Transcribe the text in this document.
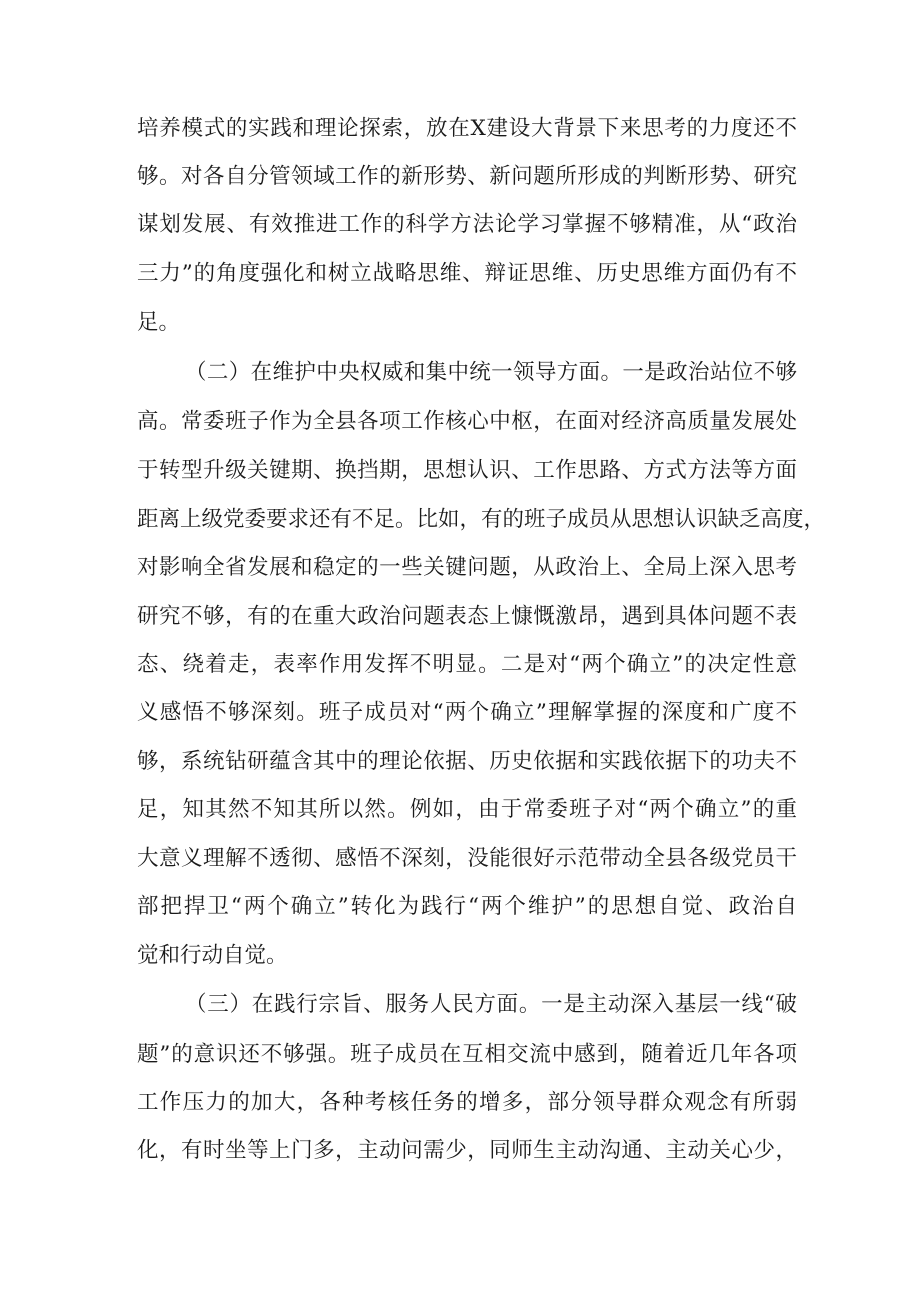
培养模式的实践和理论探索，放在X建设大背景下来思考的力度还不
够。对各自分管领域工作的新形势、新问题所形成的判断形势、研究
谋划发展、有效推进工作的科学方法论学习掌握不够精准，从“政治
三力”的角度强化和树立战略思维、辩证思维、历史思维方面仍有不
足。
（二）在维护中央权威和集中统一领导方面。一是政治站位不够
高。常委班子作为全县各项工作核心中枢，在面对经济高质量发展处
于转型升级关键期、换挡期，思想认识、工作思路、方式方法等方面
距离上级党委要求还有不足。比如，有的班子成员从思想认识缺乏高度，
对影响全省发展和稳定的一些关键问题，从政治上、全局上深入思考
研究不够，有的在重大政治问题表态上慷慨激昂，遇到具体问题不表
态、绕着走，表率作用发挥不明显。二是对“两个确立”的决定性意
义感悟不够深刻。班子成员对“两个确立”理解掌握的深度和广度不
够，系统钻研蕴含其中的理论依据、历史依据和实践依据下的功夫不
足，知其然不知其所以然。例如，由于常委班子对“两个确立”的重
大意义理解不透彻、感悟不深刻，没能很好示范带动全县各级党员干
部把捍卫“两个确立”转化为践行“两个维护”的思想自觉、政治自
觉和行动自觉。
（三）在践行宗旨、服务人民方面。一是主动深入基层一线“破
题”的意识还不够强。班子成员在互相交流中感到，随着近几年各项
工作压力的加大，各种考核任务的增多，部分领导群众观念有所弱
化，有时坐等上门多，主动问需少，同师生主动沟通、主动关心少，
